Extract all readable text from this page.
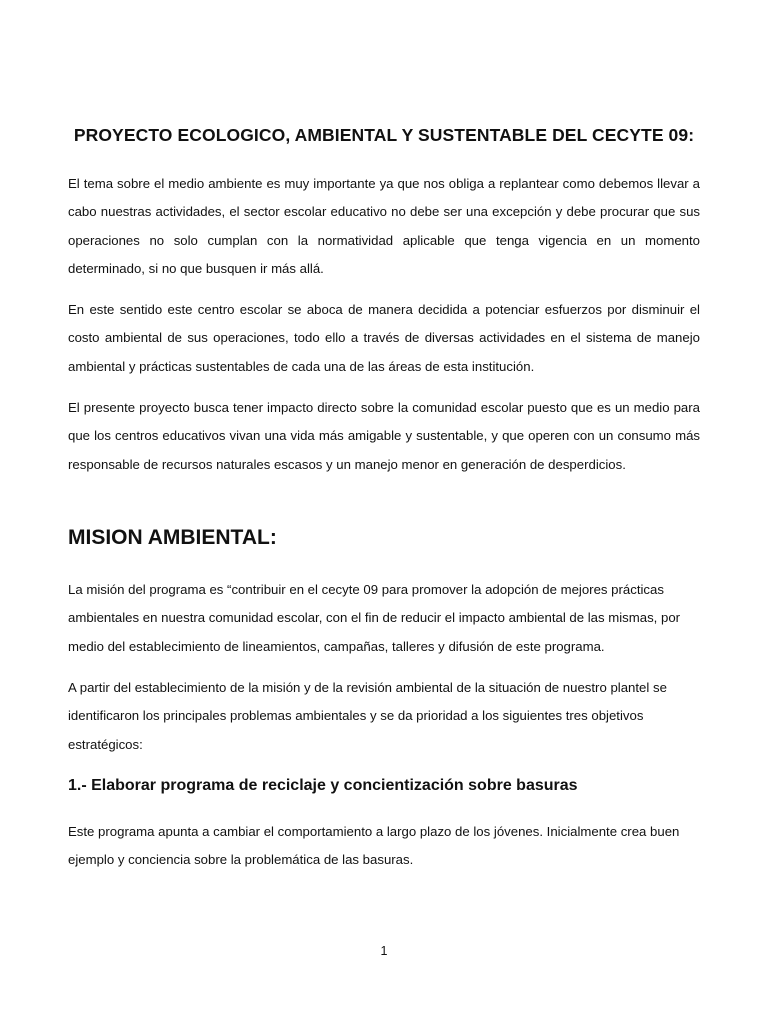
PROYECTO ECOLOGICO, AMBIENTAL Y SUSTENTABLE DEL CECYTE 09:

El tema sobre el medio ambiente es muy importante ya que nos obliga a replantear como debemos llevar a cabo nuestras actividades, el sector escolar educativo no debe ser una excepción y debe procurar que sus operaciones no solo cumplan con la normatividad aplicable que tenga vigencia en un momento determinado, si no que busquen ir más allá.

En este sentido este centro escolar se aboca de manera decidida a potenciar esfuerzos por disminuir el costo ambiental de sus operaciones, todo ello a través de diversas actividades en el sistema de manejo ambiental y prácticas sustentables de cada una de las áreas de esta institución.

El presente proyecto busca tener impacto directo sobre la comunidad escolar puesto que es un medio para que los centros educativos vivan una vida más amigable y sustentable, y que operen con un consumo más responsable de recursos naturales escasos y un manejo menor en generación de desperdicios.

MISION AMBIENTAL:

La misión del programa es “contribuir en el cecyte 09 para promover la adopción de mejores prácticas ambientales en nuestra comunidad escolar, con el fin de reducir el impacto ambiental de las mismas, por medio del establecimiento de lineamientos, campañas, talleres y difusión de este programa.

A partir del establecimiento de la misión y de la revisión ambiental de la situación de nuestro plantel se identificaron los principales problemas ambientales y se da prioridad a los siguientes tres objetivos estratégicos:

1.- Elaborar programa de reciclaje y concientización sobre basuras

Este programa apunta a cambiar el comportamiento a largo plazo de los jóvenes. Inicialmente crea buen ejemplo y conciencia sobre la problemática de las basuras.

1
